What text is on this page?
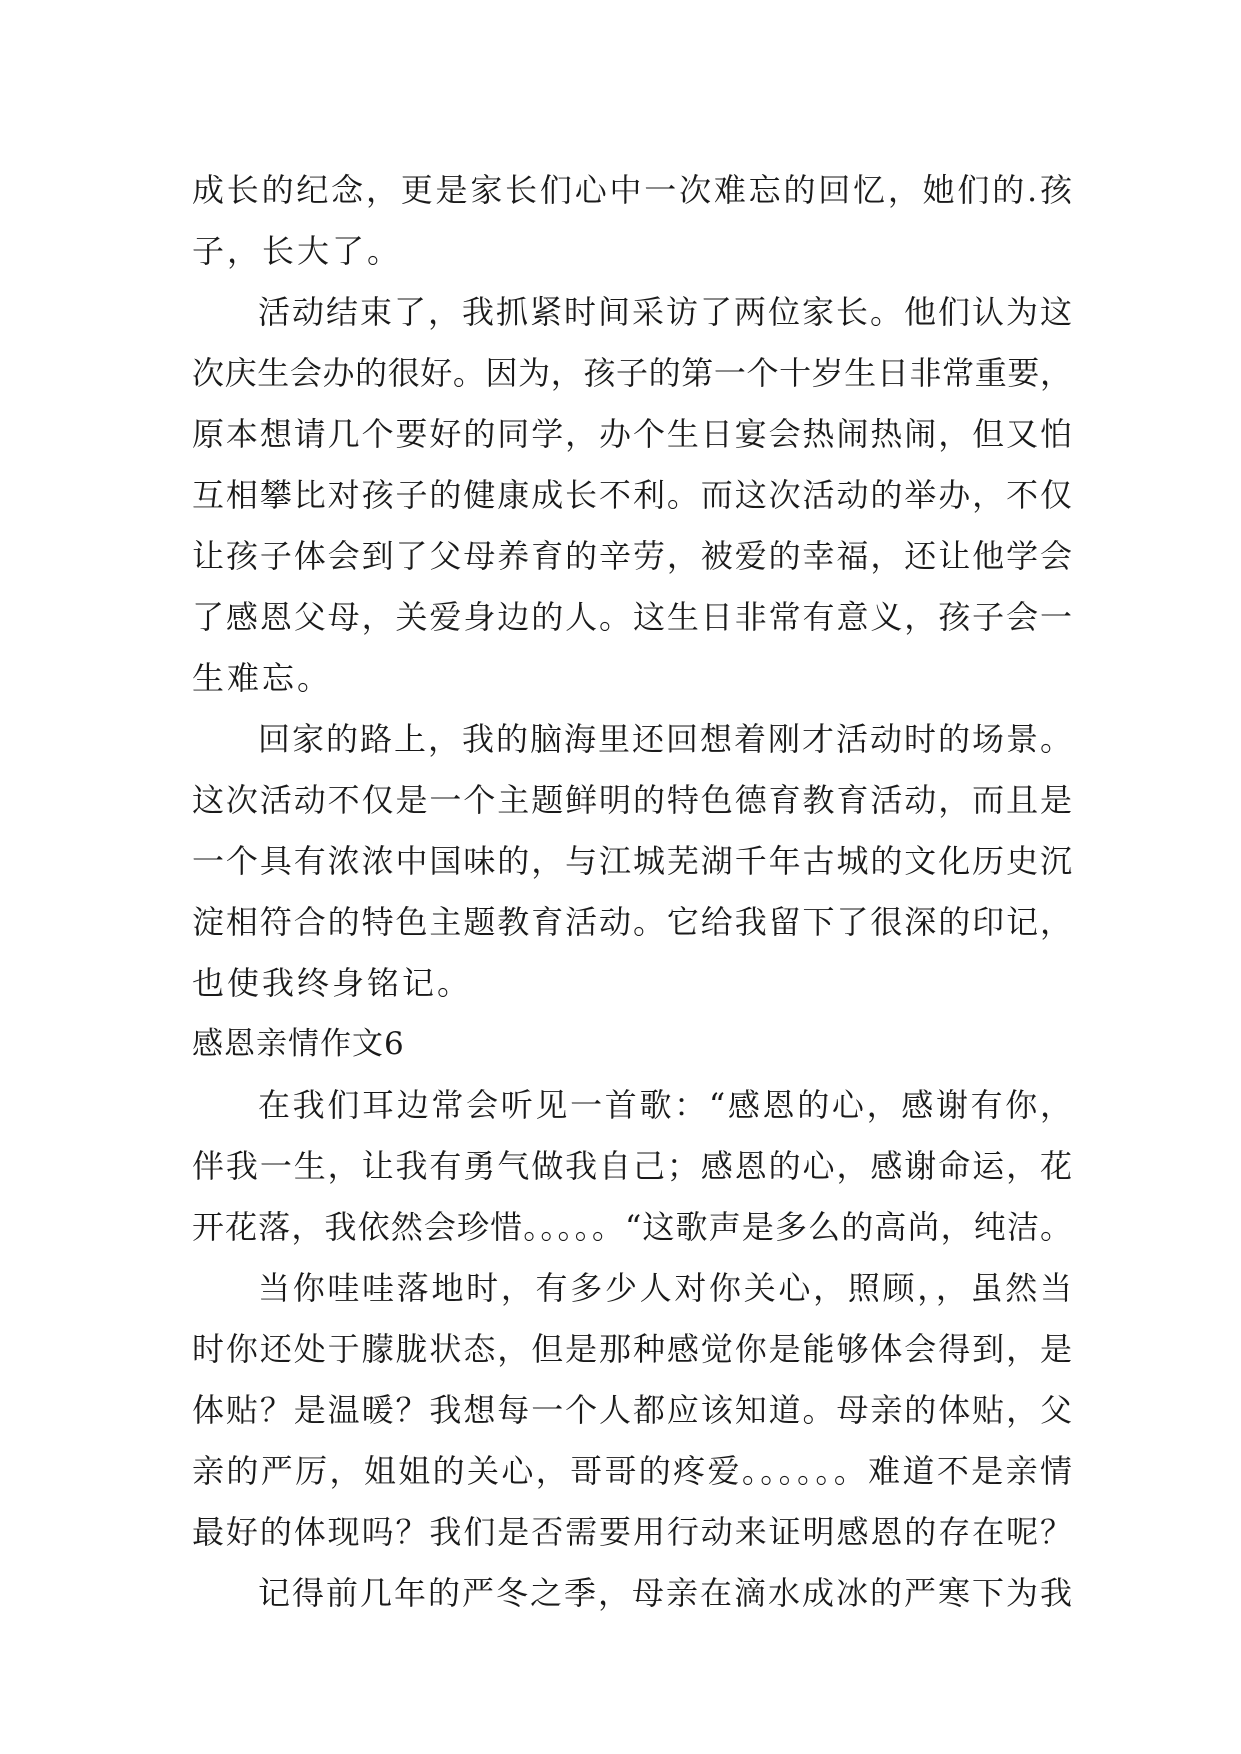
成长的纪念，更是家长们心中一次难忘的回忆，她们的.孩
子，长大了。
活动结束了，我抓紧时间采访了两位家长。他们认为这
次庆生会办的很好。因为，孩子的第一个十岁生日非常重要，
原本想请几个要好的同学，办个生日宴会热闹热闹，但又怕
互相攀比对孩子的健康成长不利。而这次活动的举办，不仅
让孩子体会到了父母养育的辛劳，被爱的幸福，还让他学会
了感恩父母，关爱身边的人。这生日非常有意义，孩子会一
生难忘。
回家的路上，我的脑海里还回想着刚才活动时的场景。
这次活动不仅是一个主题鲜明的特色德育教育活动，而且是
一个具有浓浓中国味的，与江城芜湖千年古城的文化历史沉
淀相符合的特色主题教育活动。它给我留下了很深的印记，
也使我终身铭记。
感恩亲情作文6
在我们耳边常会听见一首歌：“感恩的心，感谢有你，
伴我一生，让我有勇气做我自己；感恩的心，感谢命运，花
开花落，我依然会珍惜。。。。。“这歌声是多么的高尚，纯洁。
当你哇哇落地时，有多少人对你关心，照顾，，虽然当
时你还处于朦胧状态，但是那种感觉你是能够体会得到，是
体贴？是温暖？我想每一个人都应该知道。母亲的体贴，父
亲的严厉，姐姐的关心，哥哥的疼爱。。。。。。难道不是亲情
最好的体现吗？我们是否需要用行动来证明感恩的存在呢？
记得前几年的严冬之季，母亲在滴水成冰的严寒下为我
